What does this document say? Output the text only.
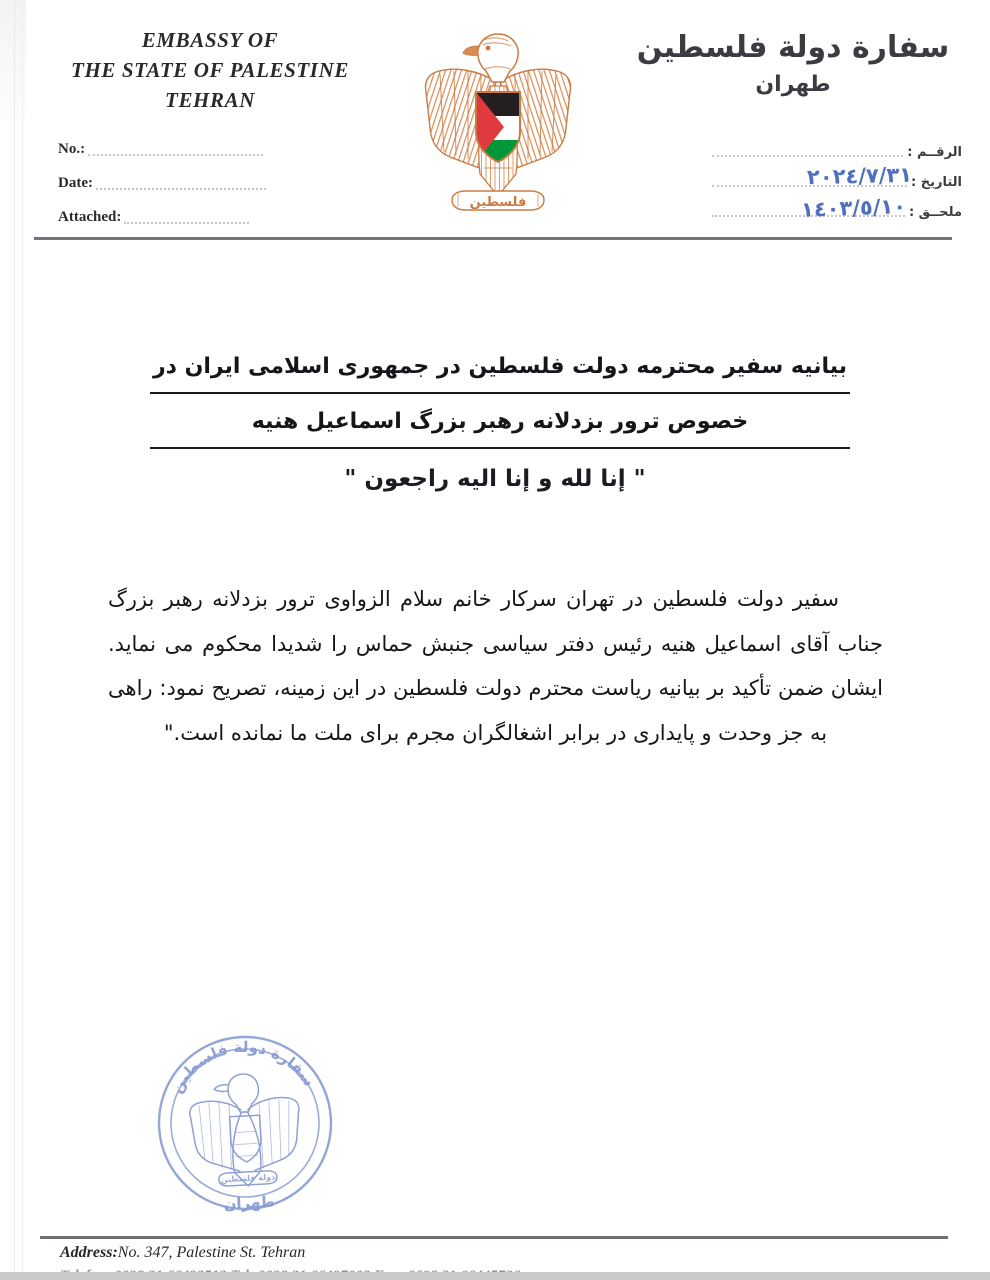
EMBASSY OF
THE STATE OF PALESTINE
TEHRAN
No.:
Date:
Attached:
فلسطين
سفارة دولة فلسطين
طهران
الرقــم :
التاريخ :
٢٠٢٤/٧/٣١
ملحــق :
١٤٠٣/٥/١٠
بیانیه سفیر محترمه دولت فلسطین در جمهوری اسلامی ایران در
خصوص ترور بزدلانه رهبر بزرگ اسماعیل هنیه
" إنا لله و إنا اليه راجعون "

سفیر دولت فلسطین در تهران سرکار خانم سلام الزواوی ترور بزدلانه رهبر بزرگ جناب آقای اسماعیل هنیه رئیس دفتر سیاسی جنبش حماس را شدیدا محکوم می نماید. ایشان ضمن تأکید بر بیانیه ریاست محترم دولت فلسطین در این زمینه، تصریح نمود: راهی به جز وحدت و پایداری در برابر اشغالگران مجرم برای ملت ما نمانده است."

سفارة دولة فلسطين
دولة فلسطين
طهران
Address:No. 347, Palestine St. Tehran
